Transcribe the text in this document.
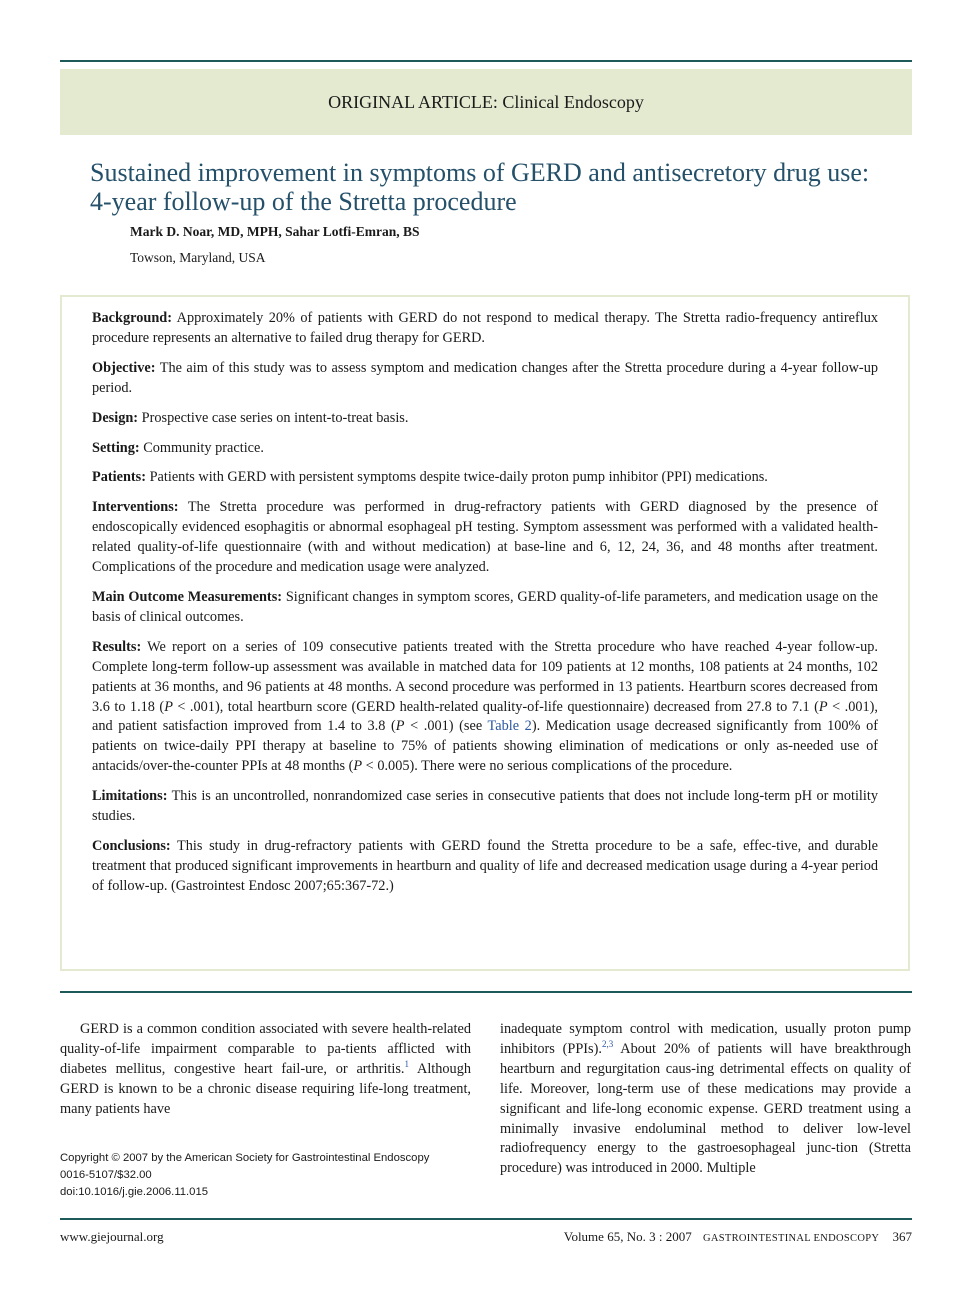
ORIGINAL ARTICLE: Clinical Endoscopy
Sustained improvement in symptoms of GERD and antisecretory drug use: 4-year follow-up of the Stretta procedure
Mark D. Noar, MD, MPH, Sahar Lotfi-Emran, BS
Towson, Maryland, USA

Background: Approximately 20% of patients with GERD do not respond to medical therapy. The Stretta radio-frequency antireflux procedure represents an alternative to failed drug therapy for GERD.

Objective: The aim of this study was to assess symptom and medication changes after the Stretta procedure during a 4-year follow-up period.

Design: Prospective case series on intent-to-treat basis.

Setting: Community practice.

Patients: Patients with GERD with persistent symptoms despite twice-daily proton pump inhibitor (PPI) medications.

Interventions: The Stretta procedure was performed in drug-refractory patients with GERD diagnosed by the presence of endoscopically evidenced esophagitis or abnormal esophageal pH testing. Symptom assessment was performed with a validated health-related quality-of-life questionnaire (with and without medication) at base-line and 6, 12, 24, 36, and 48 months after treatment. Complications of the procedure and medication usage were analyzed.

Main Outcome Measurements: Significant changes in symptom scores, GERD quality-of-life parameters, and medication usage on the basis of clinical outcomes.

Results: We report on a series of 109 consecutive patients treated with the Stretta procedure who have reached 4-year follow-up. Complete long-term follow-up assessment was available in matched data for 109 patients at 12 months, 108 patients at 24 months, 102 patients at 36 months, and 96 patients at 48 months. A second procedure was performed in 13 patients. Heartburn scores decreased from 3.6 to 1.18 (P < .001), total heartburn score (GERD health-related quality-of-life questionnaire) decreased from 27.8 to 7.1 (P < .001), and patient satisfaction improved from 1.4 to 3.8 (P < .001) (see Table 2). Medication usage decreased significantly from 100% of patients on twice-daily PPI therapy at baseline to 75% of patients showing elimination of medications or only as-needed use of antacids/over-the-counter PPIs at 48 months (P < 0.005). There were no serious complications of the procedure.

Limitations: This is an uncontrolled, nonrandomized case series in consecutive patients that does not include long-term pH or motility studies.

Conclusions: This study in drug-refractory patients with GERD found the Stretta procedure to be a safe, effec-tive, and durable treatment that produced significant improvements in heartburn and quality of life and decreased medication usage during a 4-year period of follow-up. (Gastrointest Endosc 2007;65:367-72.)

GERD is a common condition associated with severe health-related quality-of-life impairment comparable to pa-tients afflicted with diabetes mellitus, congestive heart fail-ure, or arthritis.$^1$ Although GERD is known to be a chronic disease requiring life-long treatment, many patients have

inadequate symptom control with medication, usually proton pump inhibitors (PPIs).$^{2,3}$ About 20% of patients will have breakthrough heartburn and regurgitation caus-ing detrimental effects on quality of life. Moreover, long-term use of these medications may provide a significant and life-long economic expense. GERD treatment using a minimally invasive endoluminal method to deliver low-level radiofrequency energy to the gastroesophageal junc-tion (Stretta procedure) was introduced in 2000. Multiple

Copyright © 2007 by the American Society for Gastrointestinal Endoscopy
0016-5107/$32.00
doi:10.1016/j.gie.2006.11.015
www.giejournal.org	Volume 65, No. 3 : 2007 GASTROINTESTINAL ENDOSCOPY 367
